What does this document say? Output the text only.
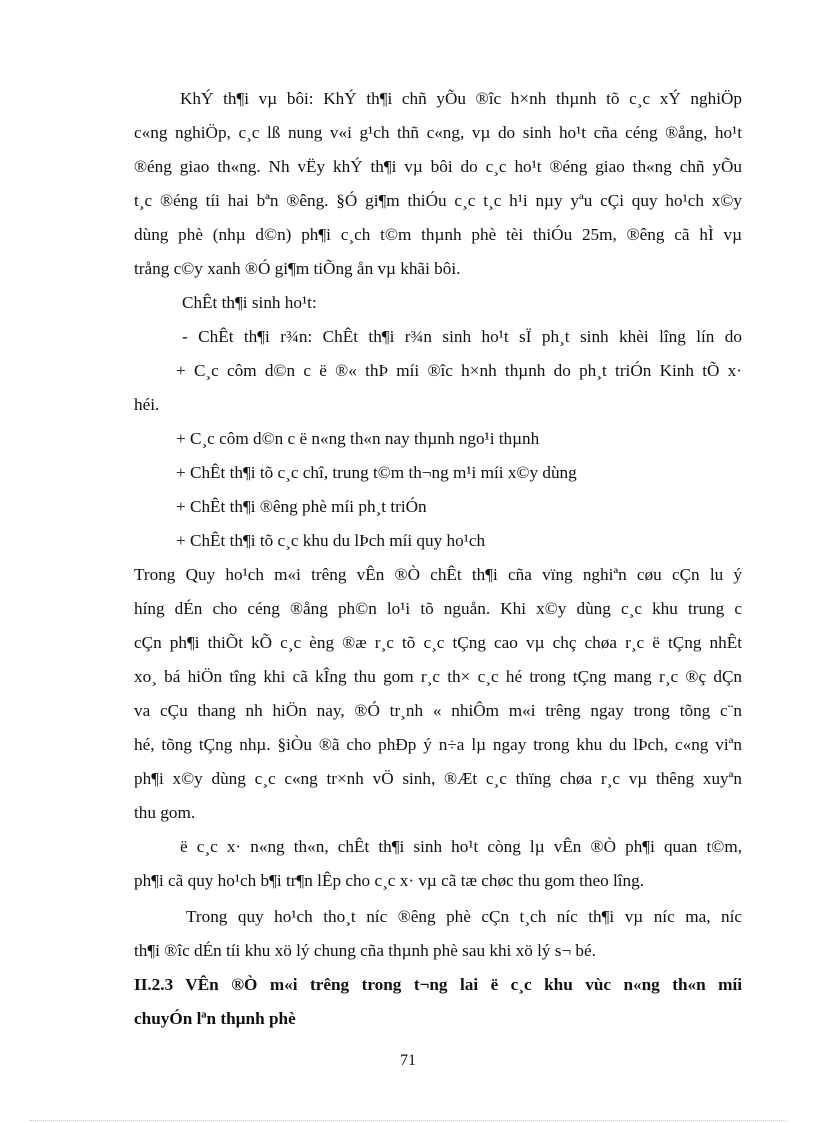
KhÝ th¶i vµ bôi: KhÝ th¶i chñ yÕu ®îc h×nh thµnh tõ c¸c xÝ nghiÖp
c«ng nghiÖp, c¸c lß nung v«i g¹ch thñ c«ng, vµ do sinh ho¹t cña céng ®ång, ho¹t
®éng giao th«ng. Nh vËy khÝ th¶i vµ bôi do c¸c ho¹t ®éng giao th«ng chñ yÕu
t¸c ®éng tíi hai bªn ®êng. §Ó gi¶m thiÓu c¸c t¸c h¹i nµy yªu cÇi quy ho¹ch x©y
dùng phè (nhµ d©n) ph¶i c¸ch t©m thµnh phè tèi thiÓu 25m, ®êng cã hÌ vµ
trång c©y xanh ®Ó gi¶m tiÕng ån vµ khãi bôi.
ChÊt th¶i sinh ho¹t:
- ChÊt th¶i r¾n: ChÊt th¶i r¾n sinh ho¹t sÏ ph¸t sinh khèi lîng lín do
+ C¸c côm d©n c ë ®« thÞ míi ®îc h×nh thµnh do ph¸t triÓn Kinh tÕ x·
héi.
+ C¸c côm d©n c ë n«ng th«n nay thµnh ngo¹i thµnh
+ ChÊt th¶i tõ c¸c chî, trung t©m th¬ng m¹i míi x©y dùng
+ ChÊt th¶i ®êng phè míi ph¸t triÓn
+ ChÊt th¶i tõ c¸c khu du lÞch míi quy ho¹ch
Trong Quy ho¹ch m«i trêng vÊn ®Ò chÊt th¶i cña vïng nghiªn cøu cÇn lu ý
híng dÉn cho céng ®ång ph©n lo¹i tõ nguån. Khi x©y dùng c¸c khu trung c
cÇn ph¶i thiÕt kÕ c¸c èng ®æ r¸c tõ c¸c tÇng cao vµ chç chøa r¸c ë tÇng nhÊt
xo¸ bá hiÖn tîng khi cã kÎng thu gom r¸c th× c¸c hé trong tÇng mang r¸c ®ç dÇn
va cÇu thang nh hiÖn nay, ®Ó tr¸nh « nhiÔm m«i trêng ngay trong tõng c¨n
hé, tõng tÇng nhµ. §iÒu ®ã cho phÐp ý n÷a lµ ngay trong khu du lÞch, c«ng viªn
ph¶i x©y dùng c¸c c«ng tr×nh vÖ sinh, ®Æt c¸c thïng chøa r¸c vµ thêng xuyªn
thu gom.
ë c¸c x· n«ng th«n, chÊt th¶i sinh ho¹t còng lµ vÊn ®Ò ph¶i quan t©m,
ph¶i cã quy ho¹ch b¶i tr¶n lÊp cho c¸c x· vµ cã tæ chøc thu gom theo lîng.
Trong quy ho¹ch tho¸t níc ®êng phè cÇn t¸ch níc th¶i vµ níc ma, níc
th¶i ®îc dÉn tíi khu xö lý chung cña thµnh phè sau khi xö lý s¬ bé.
II.2.3 VÊn ®Ò m«i trêng trong t¬ng lai ë c¸c khu vùc n«ng th«n míi
chuyÓn lªn thµnh phè
71
